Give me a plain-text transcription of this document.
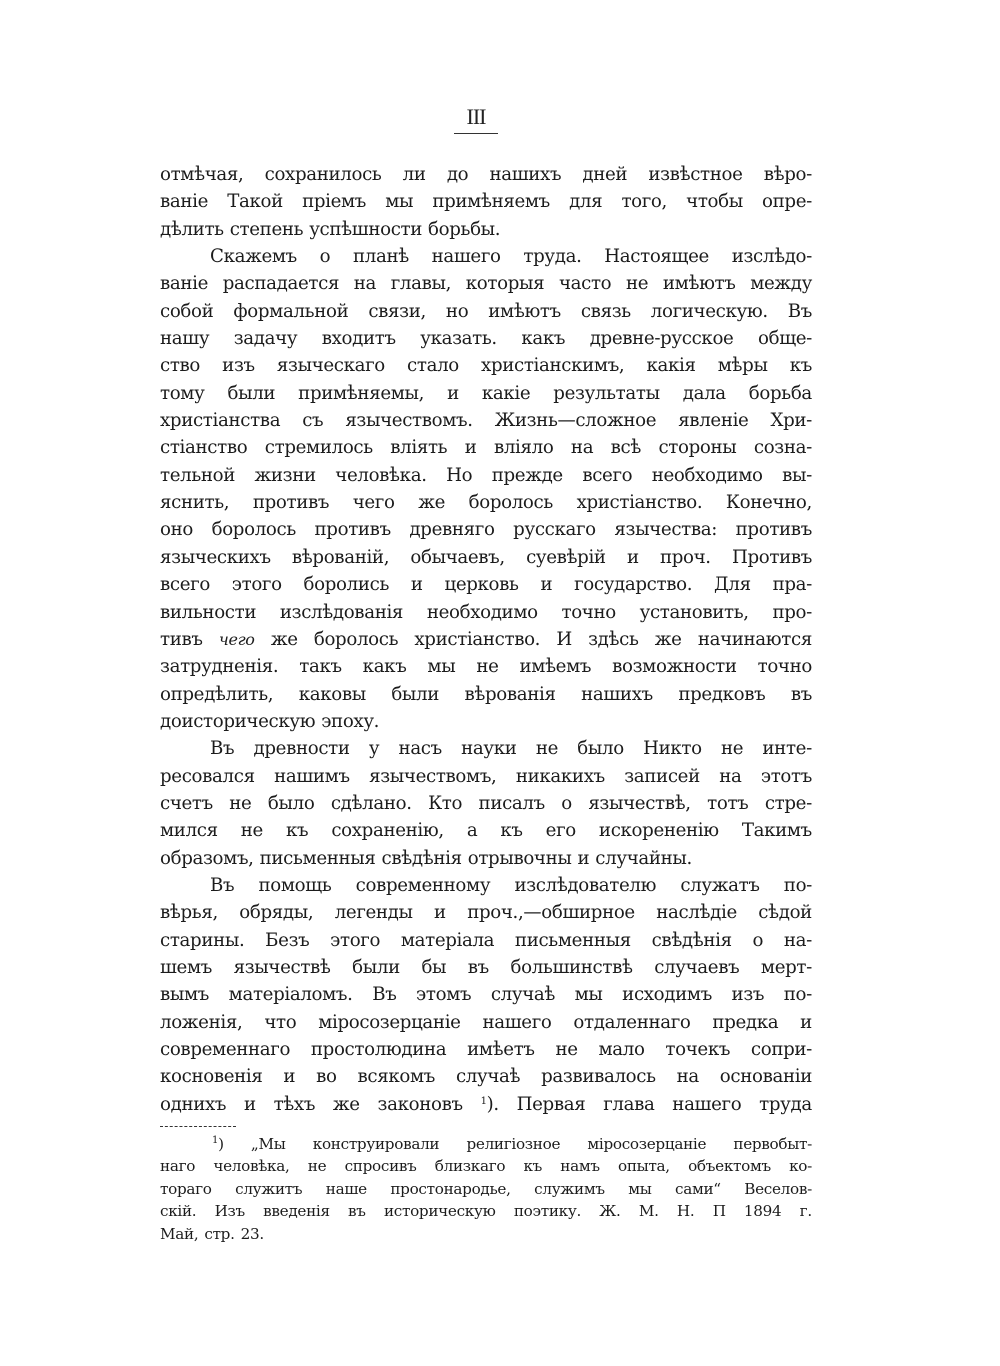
III
отмѣчая, сохранилось ли до нашихъ дней извѣстное вѣро-
ваніе Такой пріемъ мы примѣняемъ для того, чтобы опре-
дѣлить степень успѣшности борьбы.
Скажемъ о планѣ нашего труда. Настоящее изслѣдо-
ваніе распадается на главы, которыя часто не имѣютъ между
собой формальной связи, но имѣютъ связь логическую. Въ
нашу задачу входитъ указать. какъ древне-русское обще-
ство изъ языческаго стало христіанскимъ, какія мѣры къ
тому были примѣняемы, и какіе результаты дала борьба
христіанства съ язычествомъ. Жизнь—сложное явленіе Хри-
стіанство стремилось вліять и вліяло на всѣ стороны созна-
тельной жизни человѣка. Но прежде всего необходимо вы-
яснить, противъ чего же боролось христіанство. Конечно,
оно боролось противъ древняго русскаго язычества: противъ
языческихъ вѣрованій, обычаевъ, суевѣрій и проч. Противъ
всего этого боролись и церковь и государство. Для пра-
вильности изслѣдованія необходимо точно установить, про-
тивъ чего же боролось христіанство. И здѣсь же начинаются
затрудненія. такъ какъ мы не имѣемъ возможности точно
опредѣлить, каковы были вѣрованія нашихъ предковъ въ
доисторическую эпоху.
Въ древности у насъ науки не было Никто не инте-
ресовался нашимъ язычествомъ, никакихъ записей на этотъ
счетъ не было сдѣлано. Кто писалъ о язычествѣ, тотъ стре-
мился не къ сохраненію, а къ его искорененію Такимъ
образомъ, письменныя свѣдѣнія отрывочны и случайны.
Въ помощь современному изслѣдователю служатъ по-
вѣрья, обряды, легенды и проч.,—обширное наслѣдіе сѣдой
старины. Безъ этого матеріала письменныя свѣдѣнія о на-
шемъ язычествѣ были бы въ большинствѣ случаевъ мерт-
вымъ матеріаломъ. Въ этомъ случаѣ мы исходимъ изъ по-
ложенія, что міросозерцаніе нашего отдаленнаго предка и
современнаго простолюдина имѣетъ не мало точекъ сопри-
косновенія и во всякомъ случаѣ развивалось на основаніи
однихъ и тѣхъ же законовъ $^1$). Первая глава нашего труда
$^1$) „Мы конструировали религіозное міросозерцаніе первобыт-
наго человѣка, не спросивъ близкаго къ намъ опыта, объектомъ ко-
тораго служитъ наше простонародье, служимъ мы сами“ Веселов-
скій. Изъ введенія въ историческую поэтику. Ж. М. Н. П 1894 г.
Май, стр. 23.
